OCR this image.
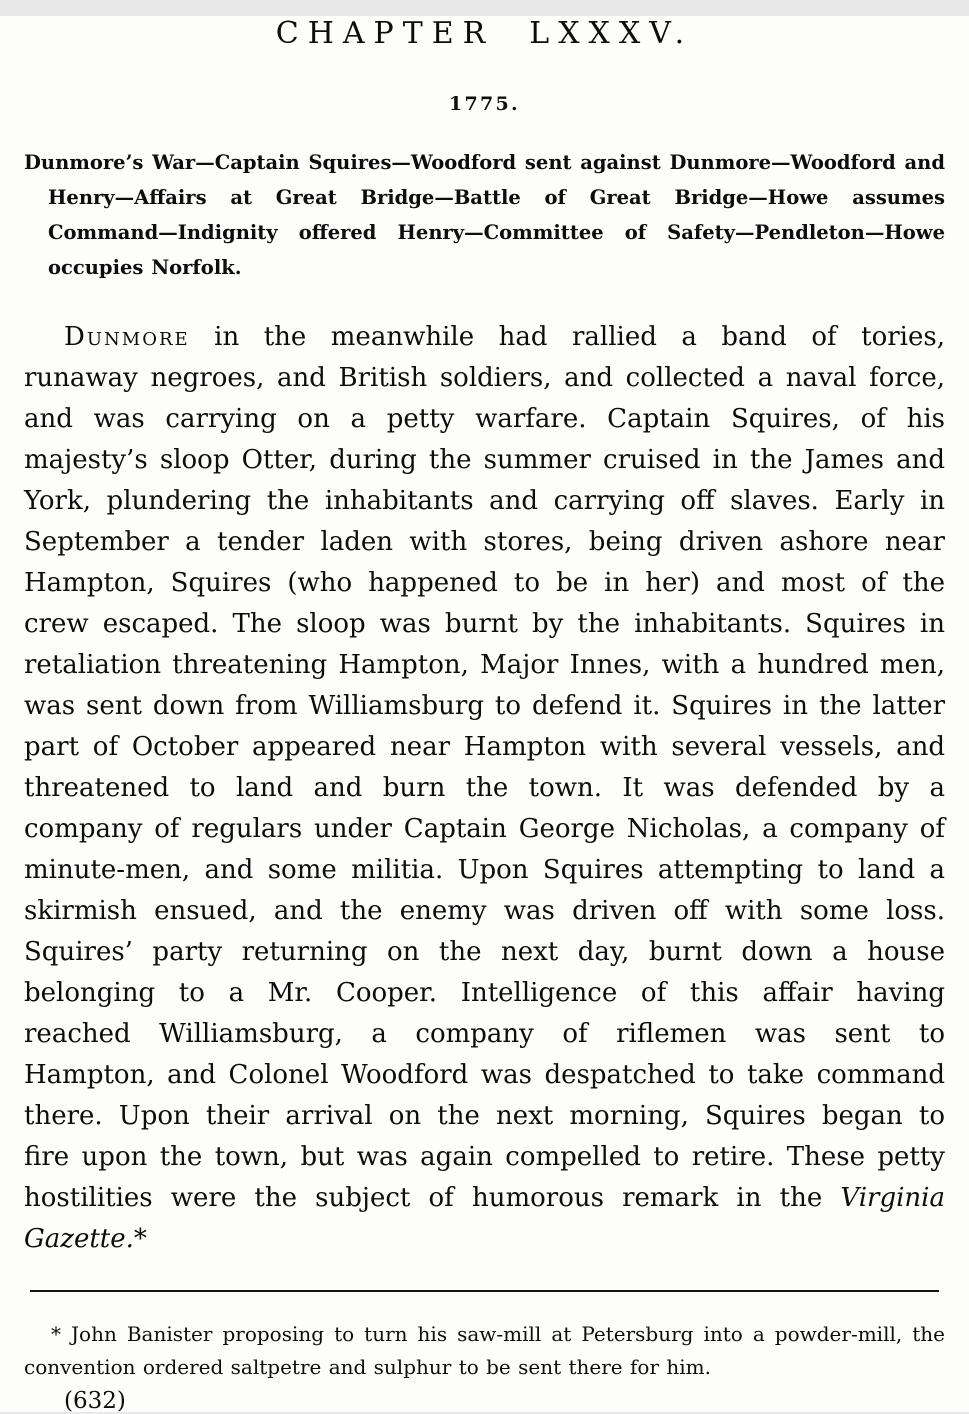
CHAPTER LXXXV.
1775.

Dunmore’s War—Captain Squires—Woodford sent against Dunmore—Woodford and Henry—Affairs at Great Bridge—Battle of Great Bridge—Howe assumes Command—Indignity offered Henry—Committee of Safety—Pendleton—Howe occupies Norfolk.

Dunmore in the meanwhile had rallied a band of tories, runaway negroes, and British soldiers, and collected a naval force, and was carrying on a petty warfare. Captain Squires, of his majesty’s sloop Otter, during the summer cruised in the James and York, plundering the inhabitants and carrying off slaves. Early in September a tender laden with stores, being driven ashore near Hampton, Squires (who happened to be in her) and most of the crew escaped. The sloop was burnt by the inhabitants. Squires in retaliation threatening Hampton, Major Innes, with a hundred men, was sent down from Williamsburg to defend it. Squires in the latter part of October appeared near Hampton with several vessels, and threatened to land and burn the town. It was defended by a company of regulars under Captain George Nicholas, a company of minute-men, and some militia. Upon Squires attempting to land a skirmish ensued, and the enemy was driven off with some loss. Squires’ party returning on the next day, burnt down a house belonging to a Mr. Cooper. Intelligence of this affair having reached Williamsburg, a company of riflemen was sent to Hampton, and Colonel Woodford was despatched to take command there. Upon their arrival on the next morning, Squires began to fire upon the town, but was again compelled to retire. These petty hostilities were the subject of humorous remark in the Virginia Gazette.*

* John Banister proposing to turn his saw-mill at Petersburg into a powder-mill, the convention ordered saltpetre and sulphur to be sent there for him.

(632)
